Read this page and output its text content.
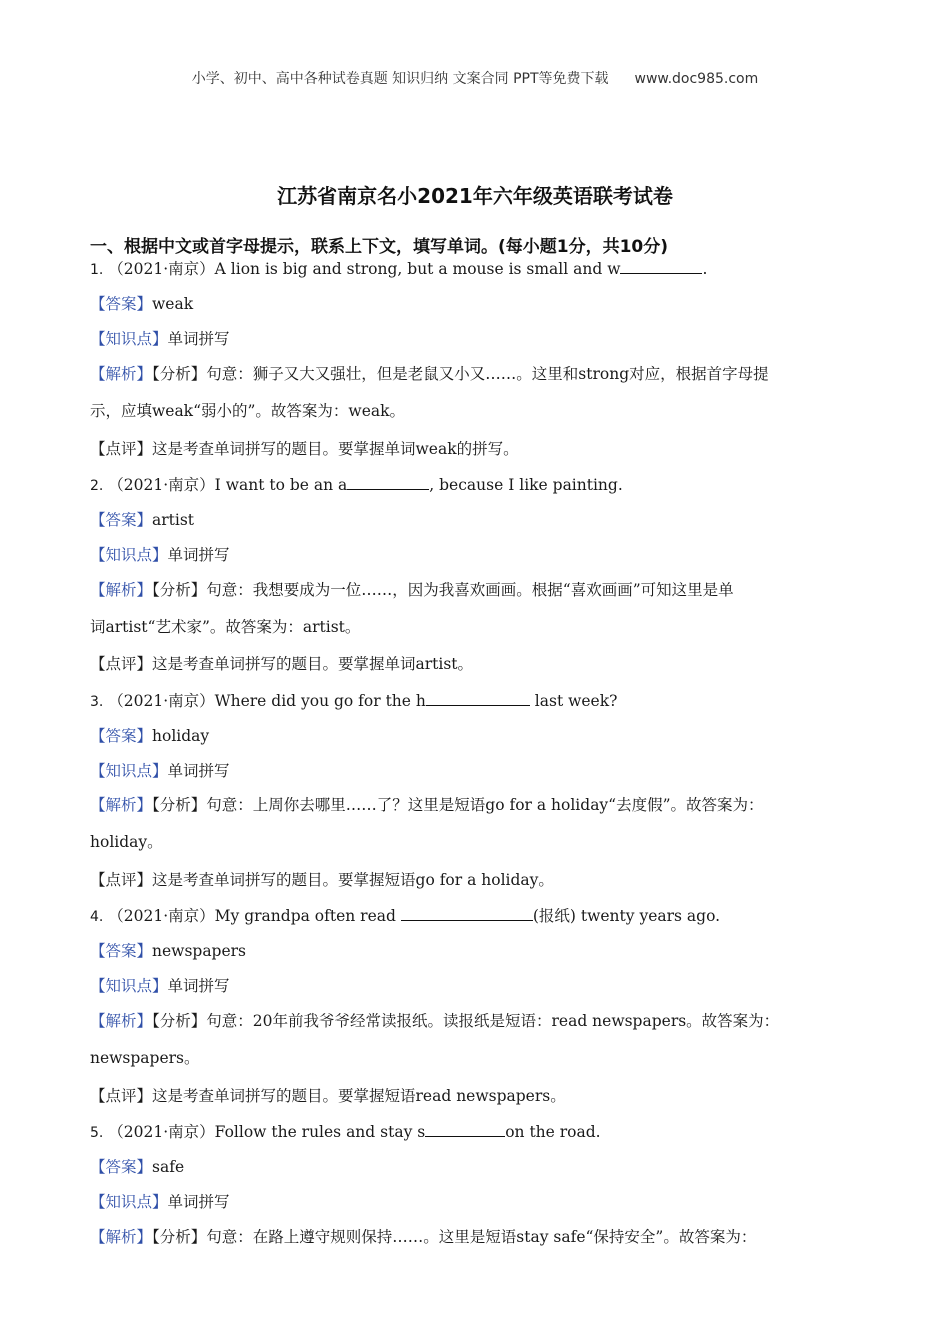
小学、初中、高中各种试卷真题 知识归纳 文案合同 PPT等免费下载 www.doc985.com
江苏省南京名小2021年六年级英语联考试卷
一、根据中文或首字母提示，联系上下文，填写单词。(每小题1分，共10分)
1. （2021·南京）A lion is big and strong, but a mouse is small and w	.
【答案】weak
【知识点】单词拼写
【解析】【分析】句意：狮子又大又强壮，但是老鼠又小又……。这里和strong对应，根据首字母提
示，应填weak“弱小的”。故答案为：weak。
【点评】这是考查单词拼写的题目。要掌握单词weak的拼写。
2. （2021·南京）I want to be an a	, because I like painting.
【答案】artist
【知识点】单词拼写
【解析】【分析】句意：我想要成为一位……，因为我喜欢画画。根据“喜欢画画”可知这里是单
词artist“艺术家”。故答案为：artist。
【点评】这是考查单词拼写的题目。要掌握单词artist。
3. （2021·南京）Where did you go for the h	last week?
【答案】holiday
【知识点】单词拼写
【解析】【分析】句意：上周你去哪里……了？这里是短语go for a holiday“去度假”。故答案为：
holiday。
【点评】这是考查单词拼写的题目。要掌握短语go for a holiday。
4. （2021·南京）My grandpa often read	(报纸) twenty years ago.
【答案】newspapers
【知识点】单词拼写
【解析】【分析】句意：20年前我爷爷经常读报纸。读报纸是短语：read newspapers。故答案为：
newspapers。
【点评】这是考查单词拼写的题目。要掌握短语read newspapers。
5. （2021·南京）Follow the rules and stay s	on the road.
【答案】safe
【知识点】单词拼写
【解析】【分析】句意：在路上遵守规则保持……。这里是短语stay safe“保持安全”。故答案为：
